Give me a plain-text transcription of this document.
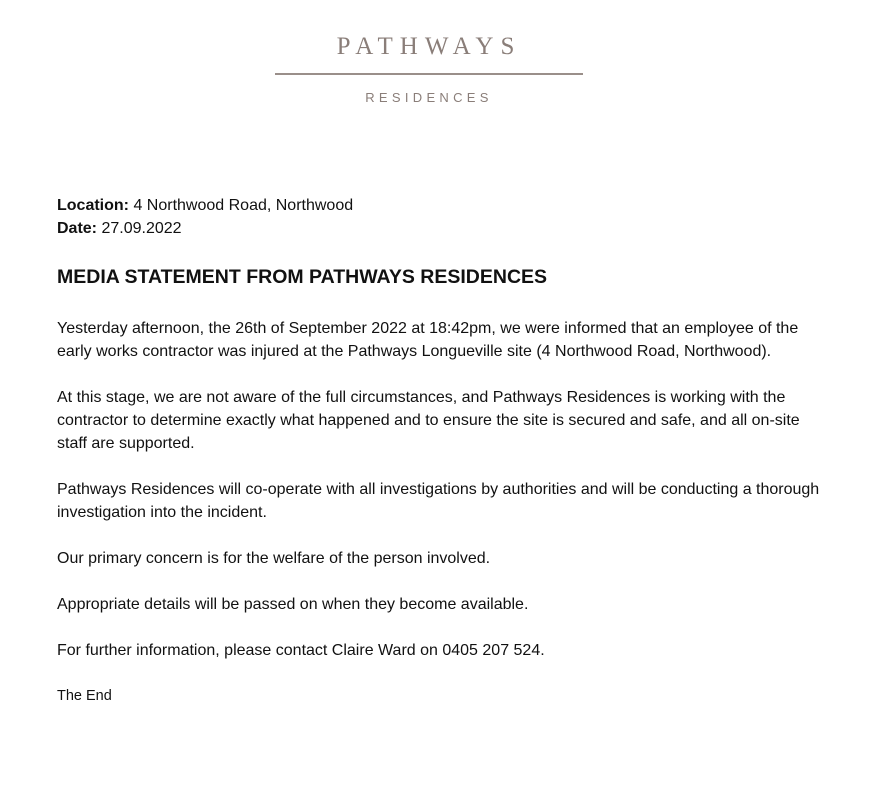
PATHWAYS
RESIDENCES
Location: 4 Northwood Road, Northwood
Date: 27.09.2022
MEDIA STATEMENT FROM PATHWAYS RESIDENCES

Yesterday afternoon, the 26th of September 2022 at 18:42pm, we were informed that an employee of the early works contractor was injured at the Pathways Longueville site (4 Northwood Road, Northwood).

At this stage, we are not aware of the full circumstances, and Pathways Residences is working with the contractor to determine exactly what happened and to ensure the site is secured and safe, and all on-site staff are supported.

Pathways Residences will co-operate with all investigations by authorities and will be conducting a thorough investigation into the incident.

Our primary concern is for the welfare of the person involved.

Appropriate details will be passed on when they become available.

For further information, please contact Claire Ward on 0405 207 524.

The End
